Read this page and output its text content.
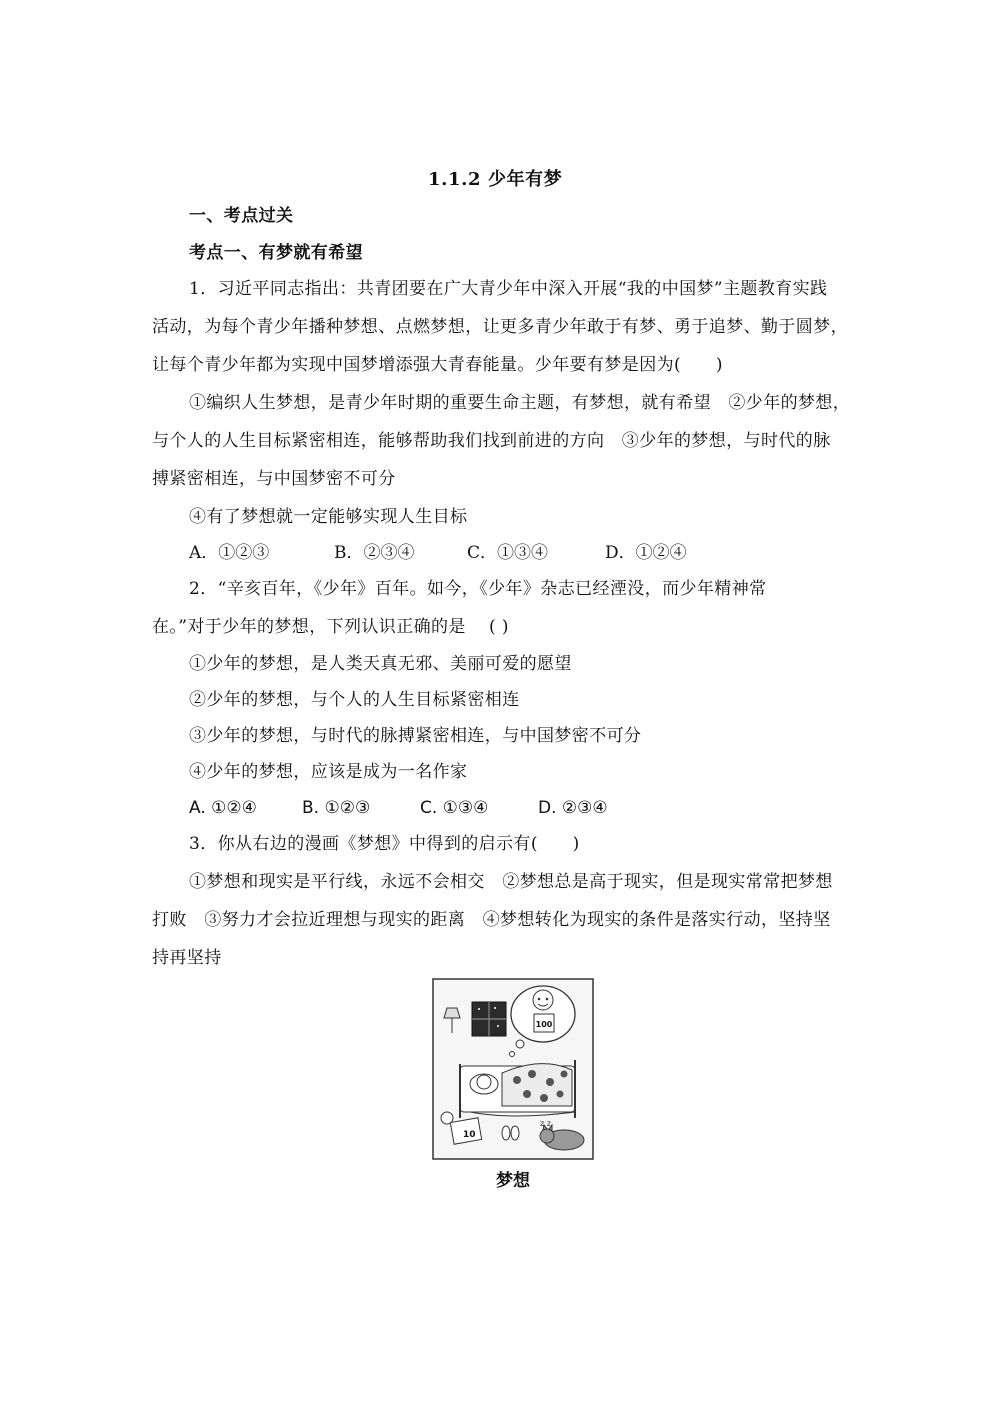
1.1.2 少年有梦
一、考点过关
考点一、有梦就有希望
1．习近平同志指出：共青团要在广大青少年中深入开展“我的中国梦”主题教育实践
活动，为每个青少年播种梦想、点燃梦想，让更多青少年敢于有梦、勇于追梦、勤于圆梦，
让每个青少年都为实现中国梦增添强大青春能量。少年要有梦是因为(　　)
①编织人生梦想，是青少年时期的重要生命主题，有梦想，就有希望　②少年的梦想，
与个人的人生目标紧密相连，能够帮助我们找到前进的方向　③少年的梦想，与时代的脉
搏紧密相连，与中国梦密不可分
④有了梦想就一定能够实现人生目标
A．①②③	B．②③④	C．①③④	D．①②④
2．“辛亥百年，《少年》百年。如今，《少年》杂志已经湮没，而少年精神常
在。”对于少年的梦想，下列认识正确的是　 ( )
①少年的梦想，是人类天真无邪、美丽可爱的愿望
②少年的梦想，与个人的人生目标紧密相连
③少年的梦想，与时代的脉搏紧密相连，与中国梦密不可分
④少年的梦想，应该是成为一名作家
A. ①②④	B. ①②③	C. ①③④	D. ②③④
3．你从右边的漫画《梦想》中得到的启示有(　　)
①梦想和现实是平行线，永远不会相交　②梦想总是高于现实，但是现实常常把梦想
打败　③努力才会拉近理想与现实的距离　④梦想转化为现实的条件是落实行动，坚持坚
持再坚持
100
10
z z
梦想
